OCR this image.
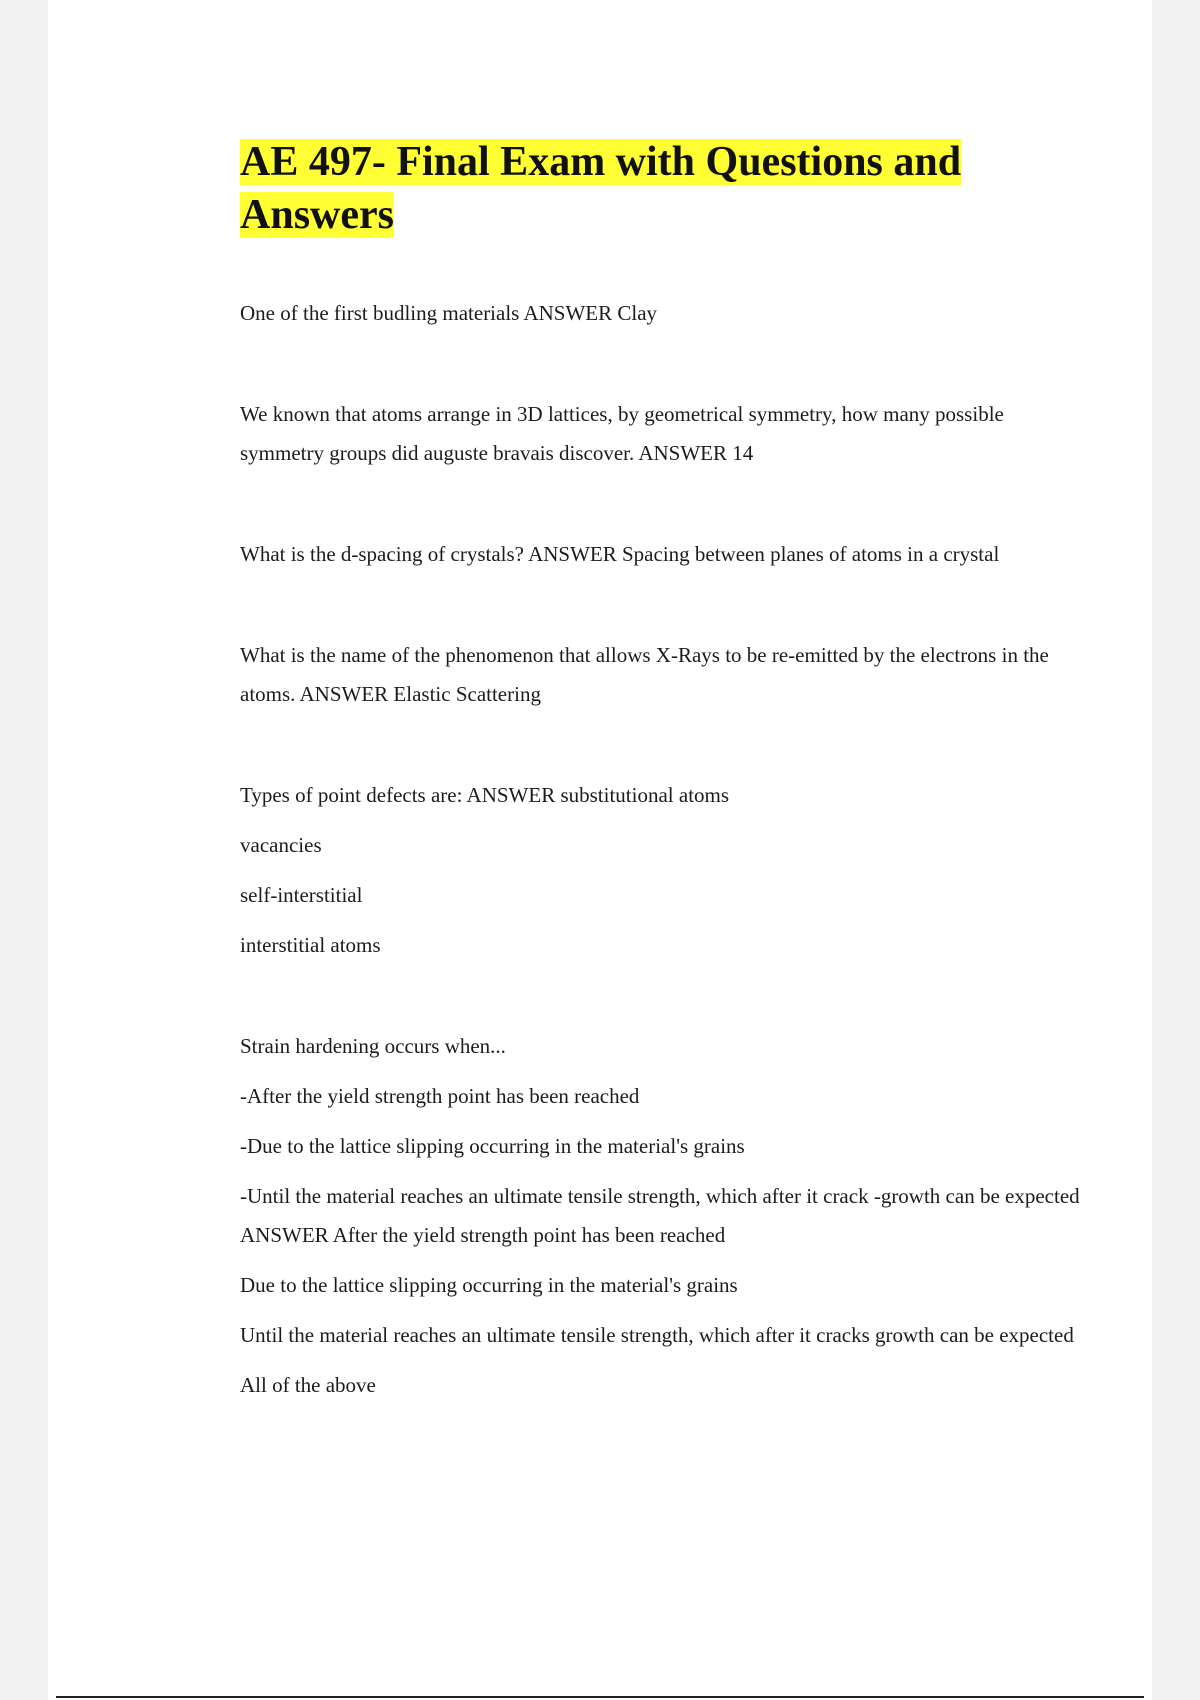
AE 497- Final Exam with Questions and Answers

One of the first budling materials ANSWER Clay

We known that atoms arrange in 3D lattices, by geometrical symmetry, how many possible symmetry groups did auguste bravais discover. ANSWER 14

What is the d-spacing of crystals? ANSWER Spacing between planes of atoms in a crystal

What is the name of the phenomenon that allows X-Rays to be re-emitted by the electrons in the atoms. ANSWER Elastic Scattering

Types of point defects are: ANSWER substitutional atoms

vacancies

self-interstitial

interstitial atoms

Strain hardening occurs when...

-After the yield strength point has been reached

-Due to the lattice slipping occurring in the material's grains

-Until the material reaches an ultimate tensile strength, which after it crack -growth can be expected ANSWER After the yield strength point has been reached

Due to the lattice slipping occurring in the material's grains

Until the material reaches an ultimate tensile strength, which after it cracks growth can be expected

All of the above
